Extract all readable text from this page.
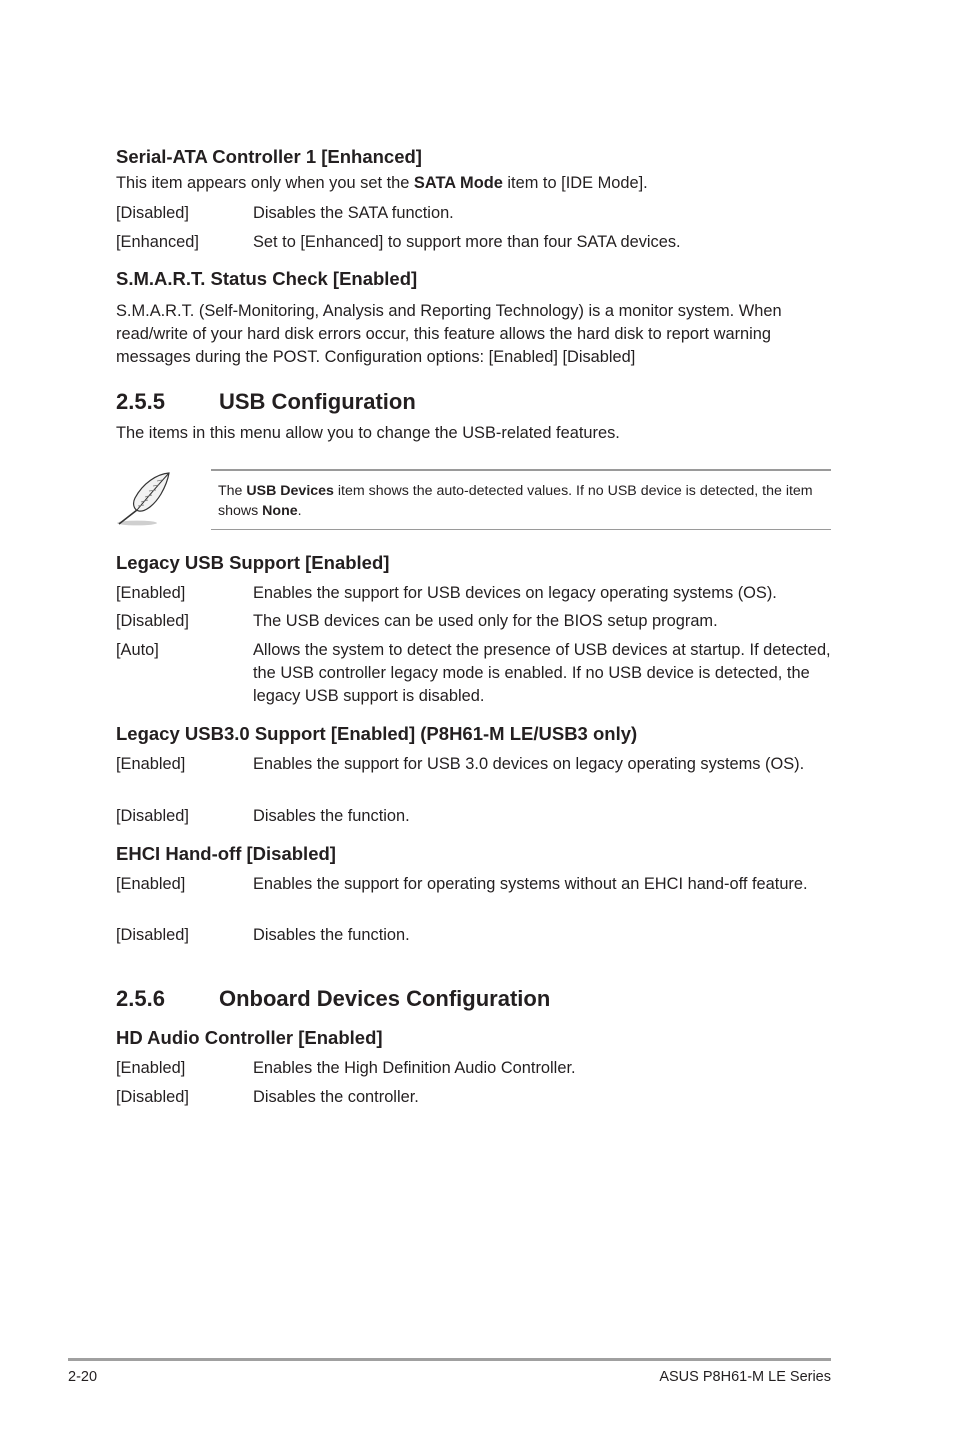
Serial-ATA Controller 1 [Enhanced]
This item appears only when you set the SATA Mode item to [IDE Mode].
[Disabled]	Disables the SATA function.
[Enhanced]	Set to [Enhanced] to support more than four SATA devices.
S.M.A.R.T. Status Check [Enabled]
S.M.A.R.T. (Self-Monitoring, Analysis and Reporting Technology) is a monitor system. When read/write of your hard disk errors occur, this feature allows the hard disk to report warning messages during the POST. Configuration options: [Enabled] [Disabled]
2.5.5 USB Configuration
The items in this menu allow you to change the USB-related features.
The USB Devices item shows the auto-detected values. If no USB device is detected, the item shows None.
Legacy USB Support [Enabled]
[Enabled]	Enables the support for USB devices on legacy operating systems (OS).
[Disabled]	The USB devices can be used only for the BIOS setup program.
[Auto]	Allows the system to detect the presence of USB devices at startup. If detected, the USB controller legacy mode is enabled. If no USB device is detected, the legacy USB support is disabled.
Legacy USB3.0 Support [Enabled] (P8H61-M LE/USB3 only)
[Enabled]	Enables the support for USB 3.0 devices on legacy operating systems (OS).
[Disabled]	Disables the function.
EHCI Hand-off [Disabled]
[Enabled]	Enables the support for operating systems without an EHCI hand-off feature.
[Disabled]	Disables the function.
2.5.6 Onboard Devices Configuration
HD Audio Controller [Enabled]
[Enabled]	Enables the High Definition Audio Controller.
[Disabled]	Disables the controller.
2-20	ASUS P8H61-M LE Series
